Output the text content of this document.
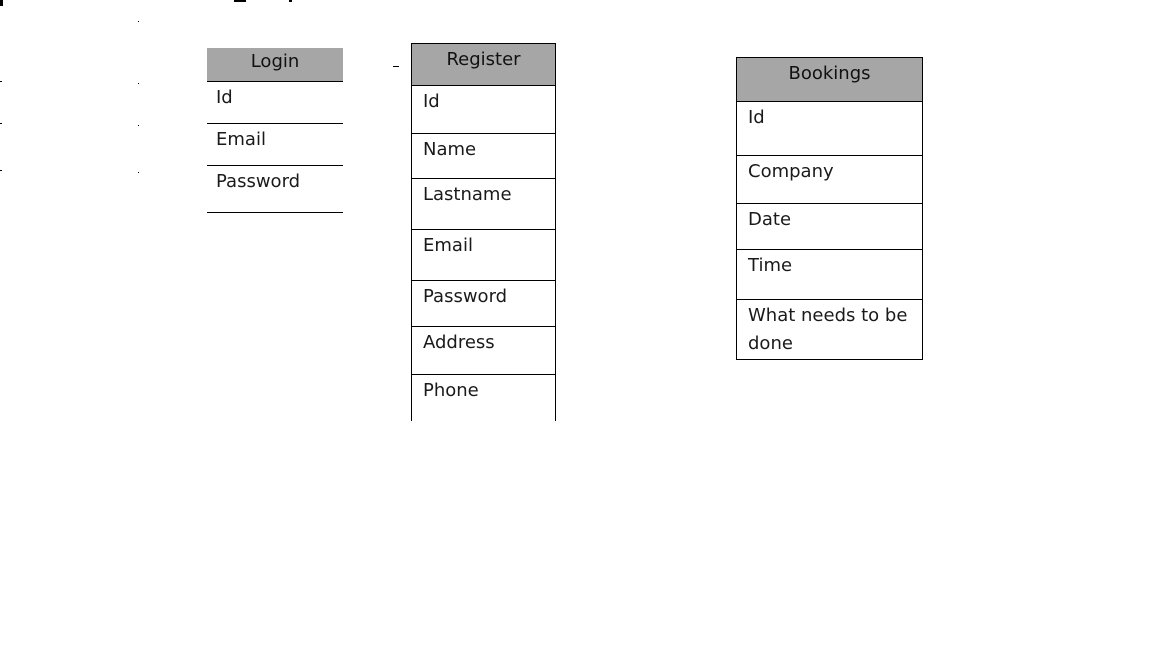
Login
Id
Email
Password
Register
Id
Name
Lastname
Email
Password
Address
Phone
Bookings
Id
Company
Date
Time
What needs to be done
